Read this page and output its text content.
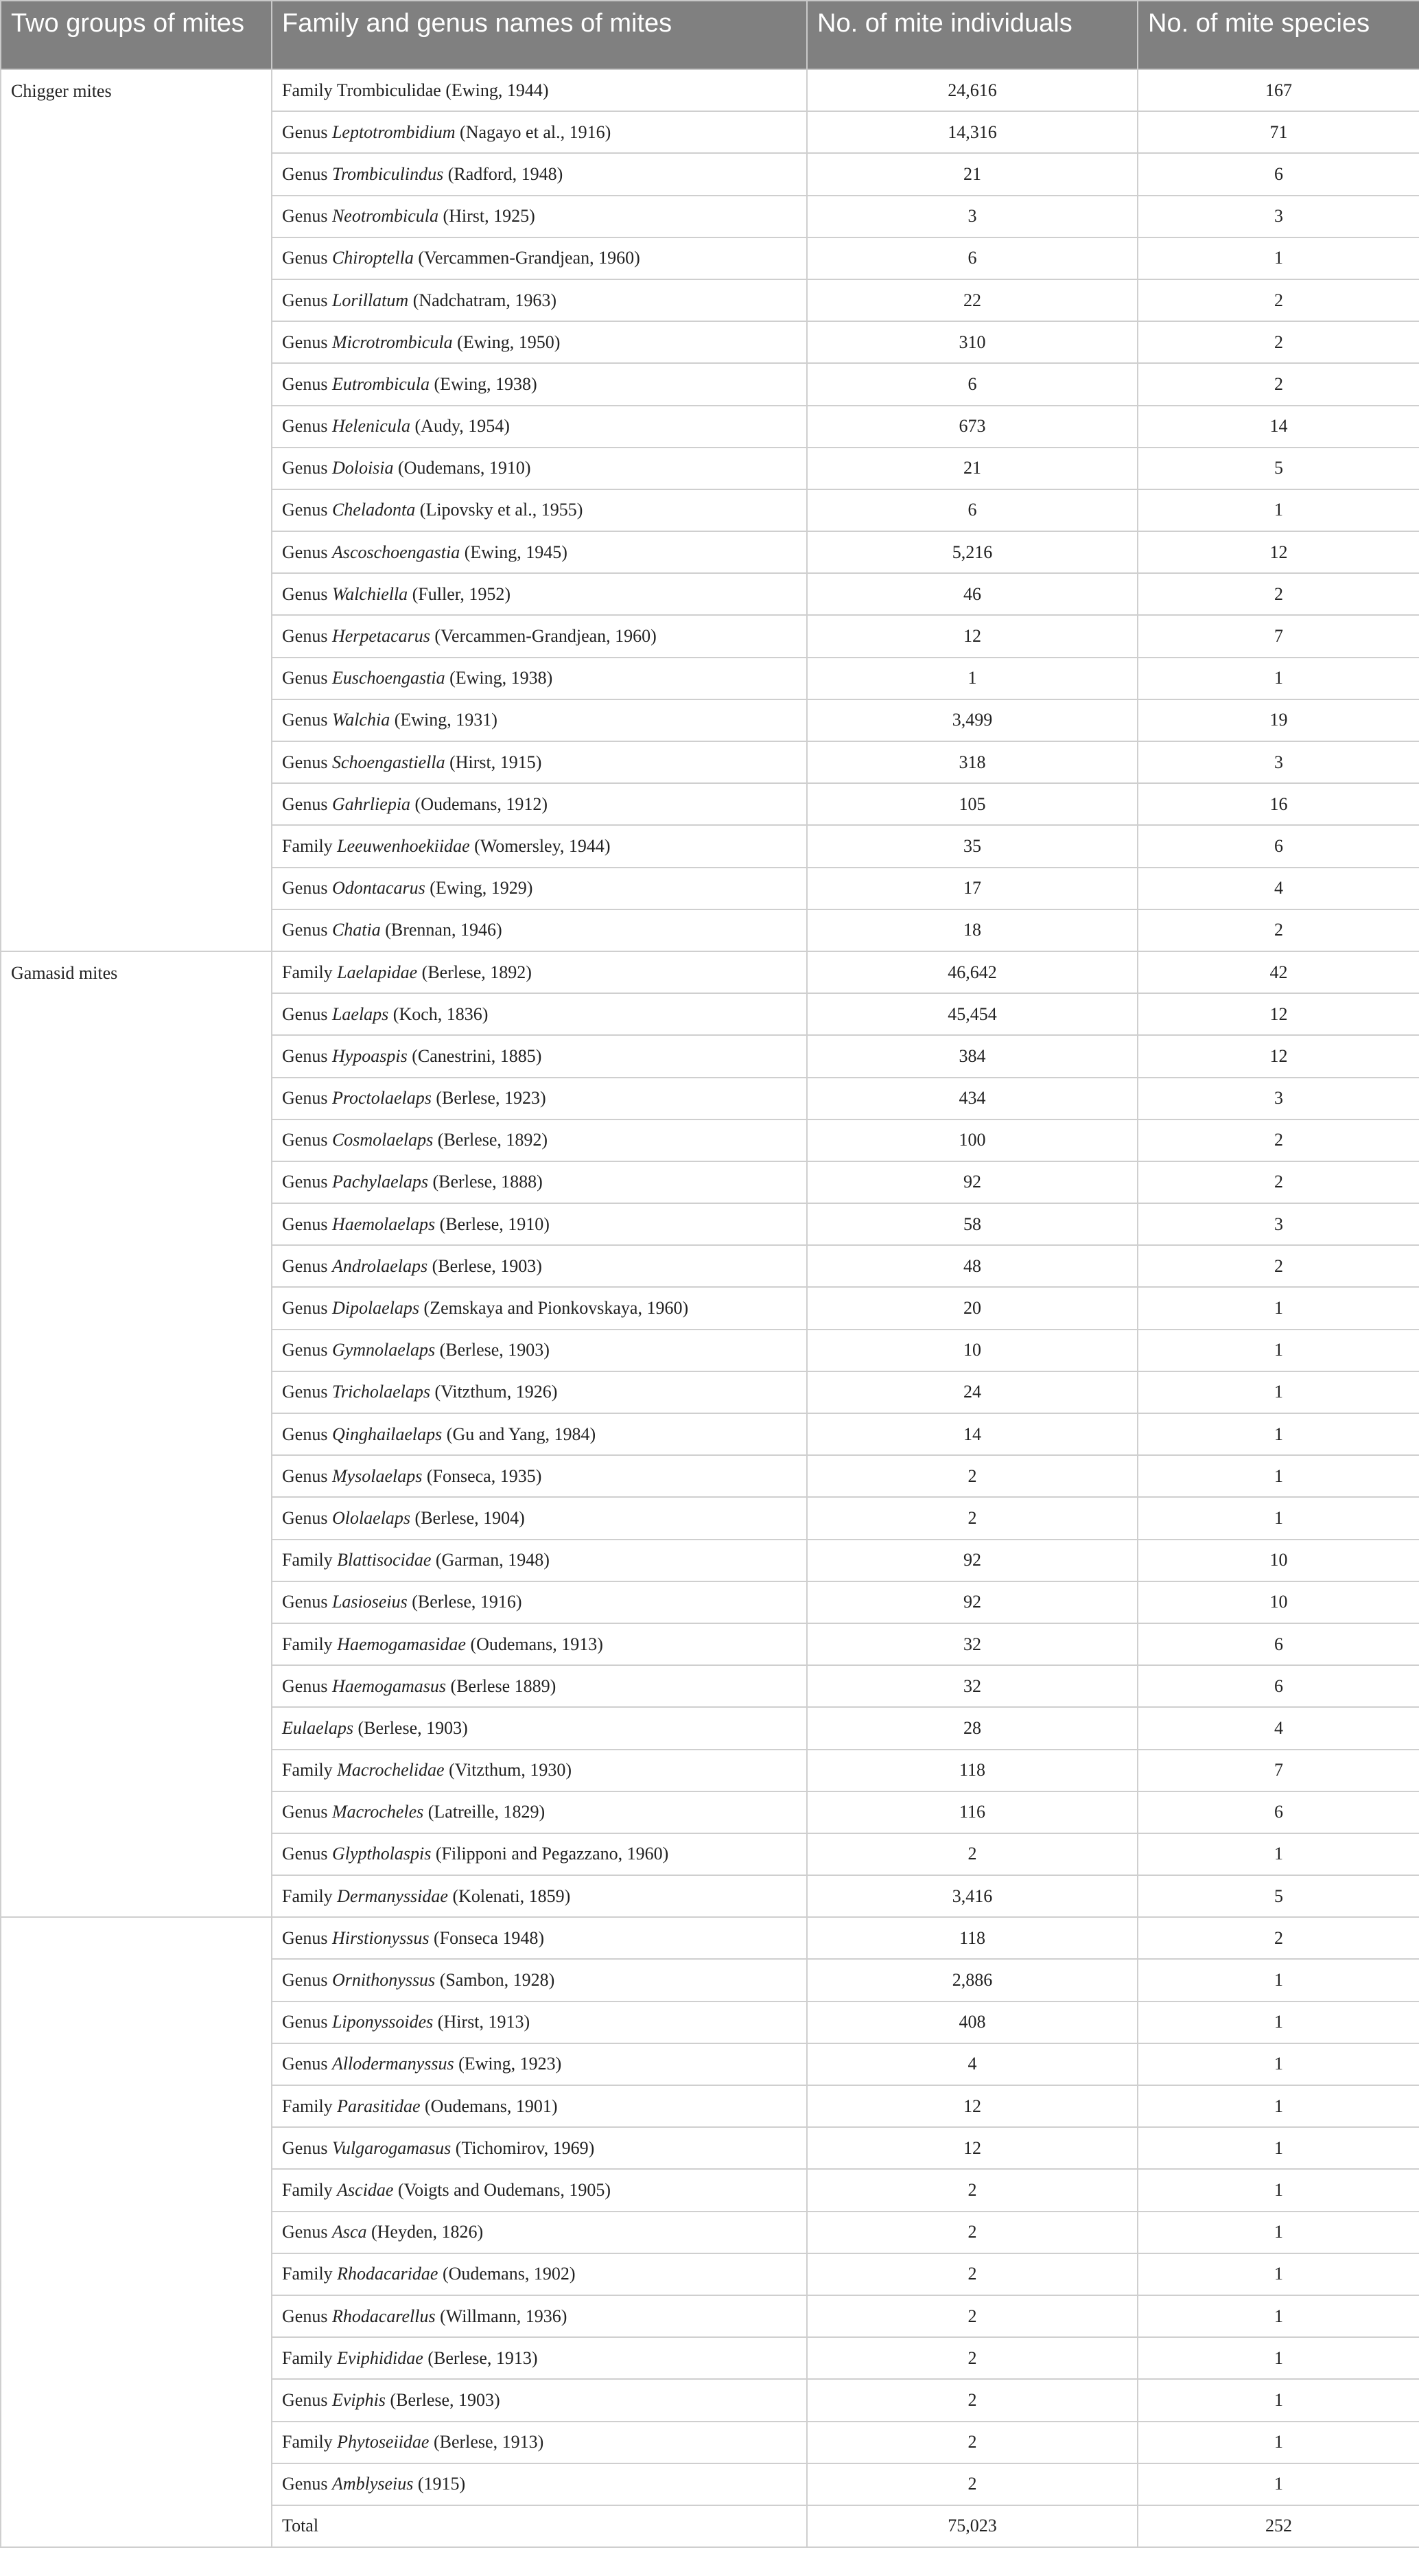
Two groups of mites	Family and genus names of mites	No. of mite individuals	No. of mite species
Chigger mites	Family Trombiculidae (Ewing, 1944)	24,616	167
	Genus Leptotrombidium (Nagayo et al., 1916)	14,316	71
	Genus Trombiculindus (Radford, 1948)	21	6
	Genus Neotrombicula (Hirst, 1925)	3	3
	Genus Chiroptella (Vercammen-Grandjean, 1960)	6	1
	Genus Lorillatum (Nadchatram, 1963)	22	2
	Genus Microtrombicula (Ewing, 1950)	310	2
	Genus Eutrombicula (Ewing, 1938)	6	2
	Genus Helenicula (Audy, 1954)	673	14
	Genus Doloisia (Oudemans, 1910)	21	5
	Genus Cheladonta (Lipovsky et al., 1955)	6	1
	Genus Ascoschoengastia (Ewing, 1945)	5,216	12
	Genus Walchiella (Fuller, 1952)	46	2
	Genus Herpetacarus (Vercammen-Grandjean, 1960)	12	7
	Genus Euschoengastia (Ewing, 1938)	1	1
	Genus Walchia (Ewing, 1931)	3,499	19
	Genus Schoengastiella (Hirst, 1915)	318	3
	Genus Gahrliepia (Oudemans, 1912)	105	16
	Family Leeuwenhoekiidae (Womersley, 1944)	35	6
	Genus Odontacarus (Ewing, 1929)	17	4
	Genus Chatia (Brennan, 1946)	18	2
Gamasid mites	Family Laelapidae (Berlese, 1892)	46,642	42
	Genus Laelaps (Koch, 1836)	45,454	12
	Genus Hypoaspis (Canestrini, 1885)	384	12
	Genus Proctolaelaps (Berlese, 1923)	434	3
	Genus Cosmolaelaps (Berlese, 1892)	100	2
	Genus Pachylaelaps (Berlese, 1888)	92	2
	Genus Haemolaelaps (Berlese, 1910)	58	3
	Genus Androlaelaps (Berlese, 1903)	48	2
	Genus Dipolaelaps (Zemskaya and Pionkovskaya, 1960)	20	1
	Genus Gymnolaelaps (Berlese, 1903)	10	1
	Genus Tricholaelaps (Vitzthum, 1926)	24	1
	Genus Qinghailaelaps (Gu and Yang, 1984)	14	1
	Genus Mysolaelaps (Fonseca, 1935)	2	1
	Genus Ololaelaps (Berlese, 1904)	2	1
	Family Blattisocidae (Garman, 1948)	92	10
	Genus Lasioseius (Berlese, 1916)	92	10
	Family Haemogamasidae (Oudemans, 1913)	32	6
	Genus Haemogamasus (Berlese 1889)	32	6
	Eulaelaps (Berlese, 1903)	28	4
	Family Macrochelidae (Vitzthum, 1930)	118	7
	Genus Macrocheles (Latreille, 1829)	116	6
	Genus Glyptholaspis (Filipponi and Pegazzano, 1960)	2	1
	Family Dermanyssidae (Kolenati, 1859)	3,416	5
	Genus Hirstionyssus (Fonseca 1948)	118	2
	Genus Ornithonyssus (Sambon, 1928)	2,886	1
	Genus Liponyssoides (Hirst, 1913)	408	1
	Genus Allodermanyssus (Ewing, 1923)	4	1
	Family Parasitidae (Oudemans, 1901)	12	1
	Genus Vulgarogamasus (Tichomirov, 1969)	12	1
	Family Ascidae (Voigts and Oudemans, 1905)	2	1
	Genus Asca (Heyden, 1826)	2	1
	Family Rhodacaridae (Oudemans, 1902)	2	1
	Genus Rhodacarellus (Willmann, 1936)	2	1
	Family Eviphididae (Berlese, 1913)	2	1
	Genus Eviphis (Berlese, 1903)	2	1
	Family Phytoseiidae (Berlese, 1913)	2	1
	Genus Amblyseius (1915)	2	1
	Total	75,023	252
